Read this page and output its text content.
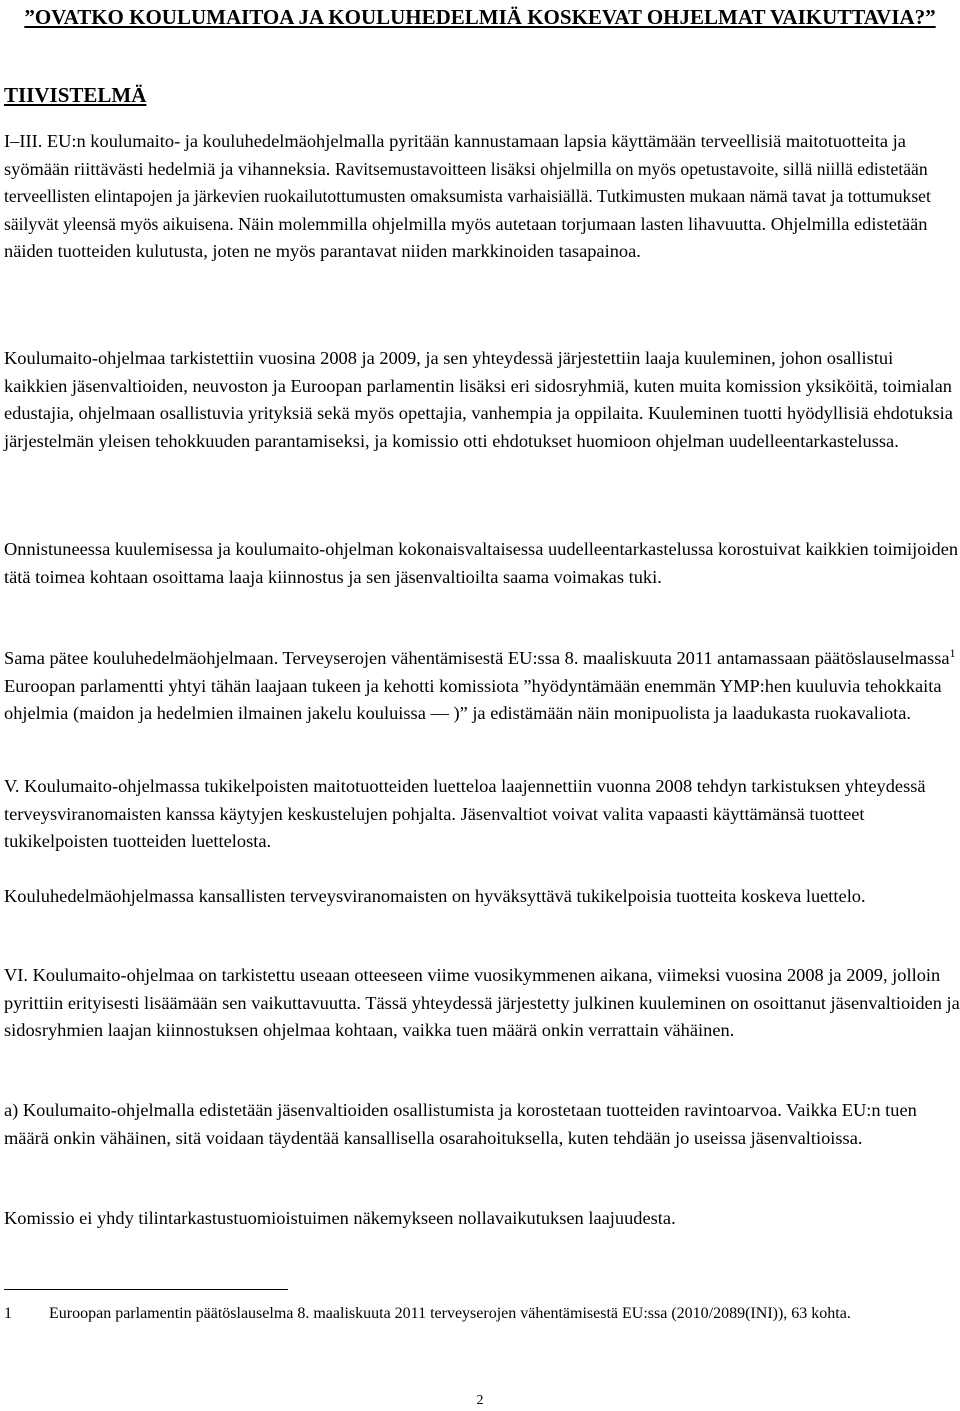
”OVATKO KOULUMAITOA JA KOULUHEDELMIÄ KOSKEVAT OHJELMAT VAIKUTTAVIA?”
TIIVISTELMÄ

I–III. EU:n koulumaito- ja kouluhedelmäohjelmalla pyritään kannustamaan lapsia käyttämään terveellisiä maitotuotteita ja syömään riittävästi hedelmiä ja vihanneksia. Ravitsemustavoitteen lisäksi ohjelmilla on myös opetustavoite, sillä niillä edistetään terveellisten elintapojen ja järkevien ruokailutottumusten omaksumista varhaisiällä. Tutkimusten mukaan nämä tavat ja tottumukset säilyvät yleensä myös aikuisena. Näin molemmilla ohjelmilla myös autetaan torjumaan lasten lihavuutta. Ohjelmilla edistetään näiden tuotteiden kulutusta, joten ne myös parantavat niiden markkinoiden tasapainoa.

Koulumaito-ohjelmaa tarkistettiin vuosina 2008 ja 2009, ja sen yhteydessä järjestettiin laaja kuuleminen, johon osallistui kaikkien jäsenvaltioiden, neuvoston ja Euroopan parlamentin lisäksi eri sidosryhmiä, kuten muita komission yksiköitä, toimialan edustajia, ohjelmaan osallistuvia yrityksiä sekä myös opettajia, vanhempia ja oppilaita. Kuuleminen tuotti hyödyllisiä ehdotuksia järjestelmän yleisen tehokkuuden parantamiseksi, ja komissio otti ehdotukset huomioon ohjelman uudelleentarkastelussa.

Onnistuneessa kuulemisessa ja koulumaito-ohjelman kokonaisvaltaisessa uudelleentarkastelussa korostuivat kaikkien toimijoiden tätä toimea kohtaan osoittama laaja kiinnostus ja sen jäsenvaltioilta saama voimakas tuki.

Sama pätee kouluhedelmäohjelmaan. Terveyserojen vähentämisestä EU:ssa 8. maaliskuuta 2011 antamassaan päätöslauselmassa$^1$ Euroopan parlamentti yhtyi tähän laajaan tukeen ja kehotti komissiota ”hyödyntämään enemmän YMP:hen kuuluvia tehokkaita ohjelmia (maidon ja hedelmien ilmainen jakelu kouluissa — )” ja edistämään näin monipuolista ja laadukasta ruokavaliota.

V. Koulumaito-ohjelmassa tukikelpoisten maitotuotteiden luetteloa laajennettiin vuonna 2008 tehdyn tarkistuksen yhteydessä terveysviranomaisten kanssa käytyjen keskustelujen pohjalta. Jäsenvaltiot voivat valita vapaasti käyttämänsä tuotteet tukikelpoisten tuotteiden luettelosta.

Kouluhedelmäohjelmassa kansallisten terveysviranomaisten on hyväksyttävä tukikelpoisia tuotteita koskeva luettelo.

VI. Koulumaito-ohjelmaa on tarkistettu useaan otteeseen viime vuosikymmenen aikana, viimeksi vuosina 2008 ja 2009, jolloin pyrittiin erityisesti lisäämään sen vaikuttavuutta. Tässä yhteydessä järjestetty julkinen kuuleminen on osoittanut jäsenvaltioiden ja sidosryhmien laajan kiinnostuksen ohjelmaa kohtaan, vaikka tuen määrä onkin verrattain vähäinen.

a) Koulumaito-ohjelmalla edistetään jäsenvaltioiden osallistumista ja korostetaan tuotteiden ravintoarvoa. Vaikka EU:n tuen määrä onkin vähäinen, sitä voidaan täydentää kansallisella osarahoituksella, kuten tehdään jo useissa jäsenvaltioissa.

Komissio ei yhdy tilintarkastustuomioistuimen näkemykseen nollavaikutuksen laajuudesta.

1	Euroopan parlamentin päätöslauselma 8. maaliskuuta 2011 terveyserojen vähentämisestä EU:ssa (2010/2089(INI)), 63 kohta.
2
